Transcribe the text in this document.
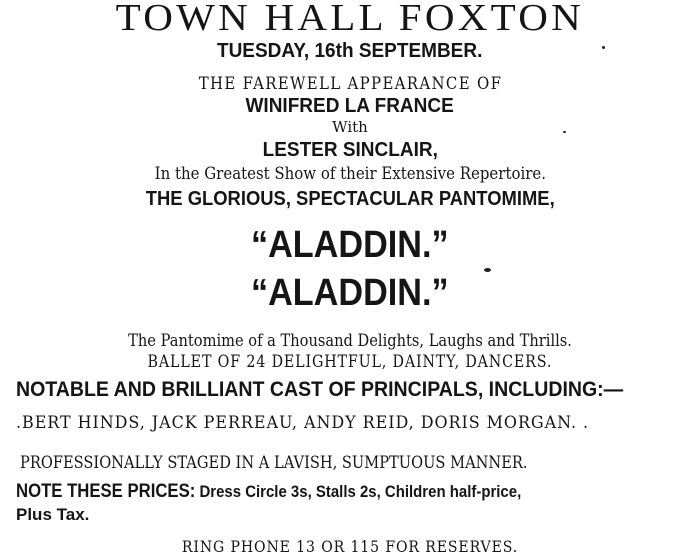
TOWN HALL FOXTON
TUESDAY, 16th SEPTEMBER.
THE FAREWELL APPEARANCE OF
WINIFRED LA FRANCE
With
LESTER SINCLAIR,
In the Greatest Show of their Extensive Repertoire.
THE GLORIOUS, SPECTACULAR PANTOMIME,
“ALADDIN.”
“ALADDIN.”
The Pantomime of a Thousand Delights, Laughs and Thrills.
BALLET OF 24 DELIGHTFUL, DAINTY, DANCERS.
NOTABLE AND BRILLIANT CAST OF PRINCIPALS, INCLUDING:—
.BERT HINDS, JACK PERREAU, ANDY REID, DORIS MORGAN. .
PROFESSIONALLY STAGED IN A LAVISH, SUMPTUOUS MANNER.
NOTE THESE PRICES: Dress Circle 3s, Stalls 2s, Children half-price,
Plus Tax.
RING PHONE 13 OR 115 FOR RESERVES.
